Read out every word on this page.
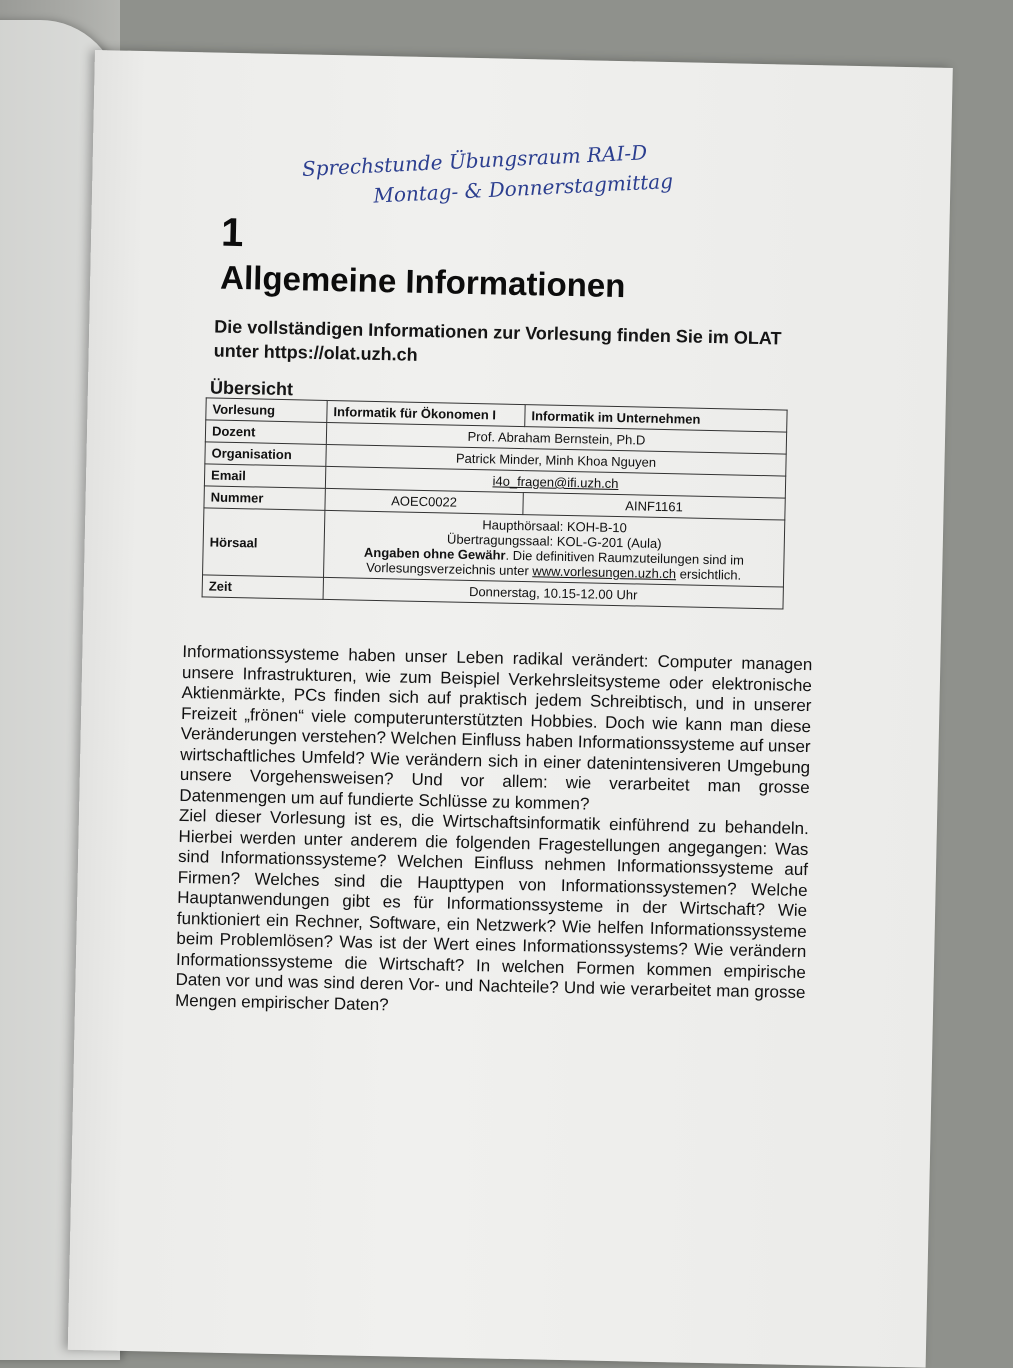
Sprechstunde Übungsraum RAI-D
Montag- & Donnerstagmittag
1
Allgemeine Informationen
Die vollständigen Informationen zur Vorlesung finden Sie im OLAT unter https://olat.uzh.ch
Übersicht
Vorlesung	Informatik für Ökonomen I	Informatik im Unternehmen
Dozent	Prof. Abraham Bernstein, Ph.D	
Organisation	Patrick Minder, Minh Khoa Nguyen	
Email	i4o_fragen@ifi.uzh.ch	
Nummer	AOEC0022	AINF1161
Hörsaal	Haupthörsaal: KOH-B-10
Übertragungssaal: KOL-G-201 (Aula)
Angaben ohne Gewähr. Die definitiven Raumzuteilungen sind im Vorlesungsverzeichnis unter www.vorlesungen.uzh.ch ersichtlich.	

Zeit	Donnerstag, 10.15-12.00 Uhr	

Informationssysteme haben unser Leben radikal verändert: Computer managen unsere Infrastrukturen, wie zum Beispiel Verkehrsleitsysteme oder elektronische Aktienmärkte, PCs finden sich auf praktisch jedem Schreibtisch, und in unserer Freizeit „frönen“ viele computerunterstützten Hobbies. Doch wie kann man diese Veränderungen verstehen? Welchen Einfluss haben Informationssysteme auf unser wirtschaftliches Umfeld? Wie verändern sich in einer datenintensiveren Umgebung unsere Vorgehensweisen? Und vor allem: wie verarbeitet man grosse Datenmengen um auf fundierte Schlüsse zu kommen?

Ziel dieser Vorlesung ist es, die Wirtschaftsinformatik einführend zu behandeln. Hierbei werden unter anderem die folgenden Fragestellungen angegangen: Was sind Informationssysteme? Welchen Einfluss nehmen Informationssysteme auf Firmen? Welches sind die Haupttypen von Informationssystemen? Welche Hauptanwendungen gibt es für Informationssysteme in der Wirtschaft? Wie funktioniert ein Rechner, Software, ein Netzwerk? Wie helfen Informationssysteme beim Problemlösen? Was ist der Wert eines Informationssystems? Wie verändern Informationssysteme die Wirtschaft? In welchen Formen kommen empirische Daten vor und was sind deren Vor- und Nachteile? Und wie verarbeitet man grosse Mengen empirischer Daten?
